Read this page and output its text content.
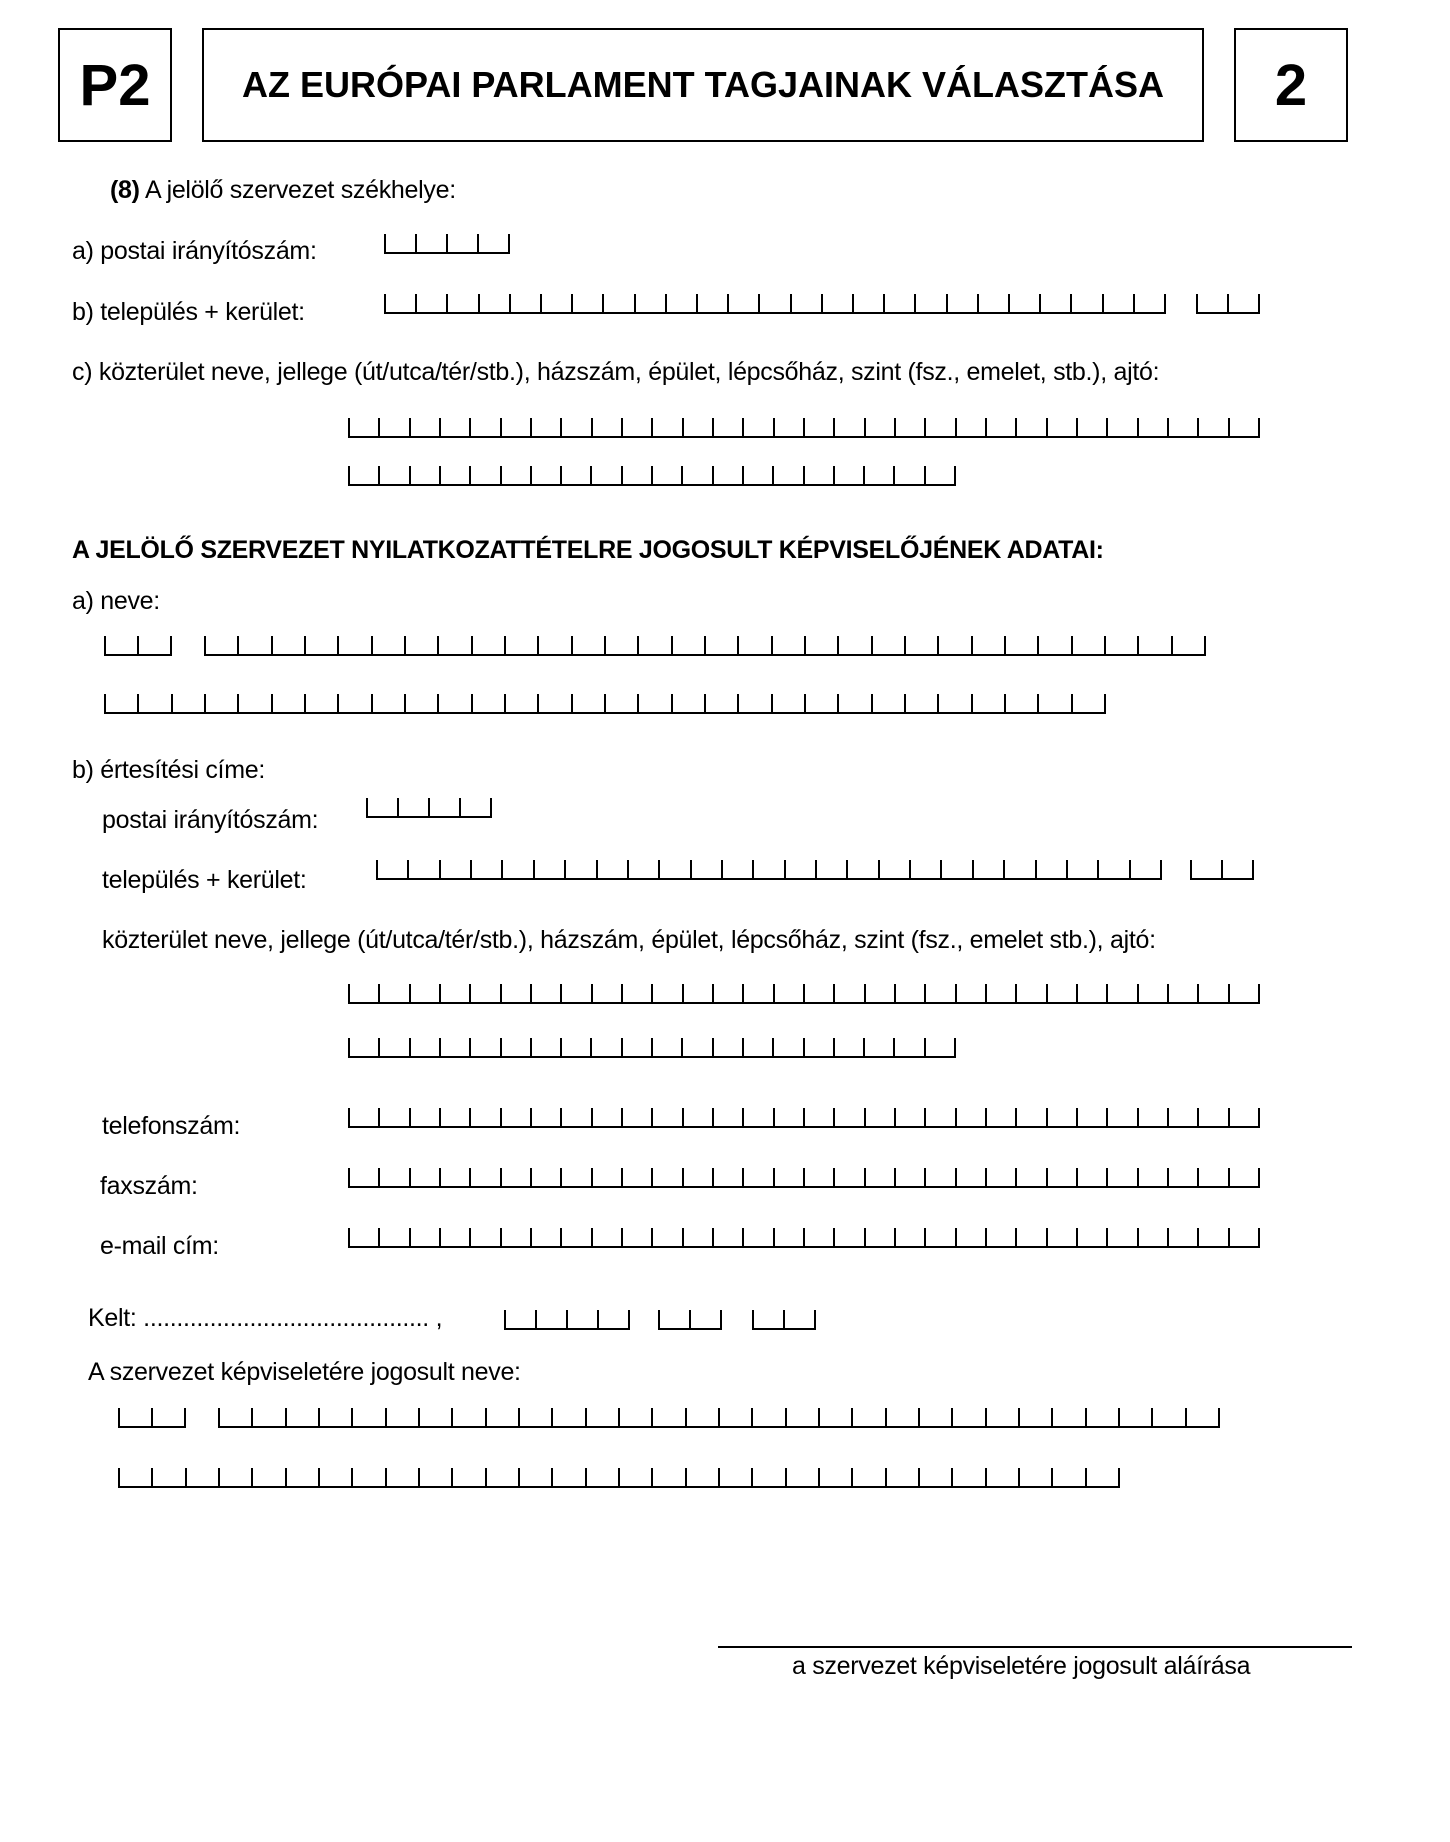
P2	AZ EURÓPAI PARLAMENT TAGJAINAK VÁLASZTÁSA 2
(8) A jelölő szervezet székhelye:
a) postai irányítószám:
b) település + kerület:
c) közterület neve, jellege (út/utca/tér/stb.), házszám, épület, lépcsőház, szint (fsz., emelet, stb.), ajtó:
A JELÖLŐ SZERVEZET NYILATKOZATTÉTELRE JOGOSULT KÉPVISELŐJÉNEK ADATAI:
a) neve:
b) értesítési címe:
postai irányítószám:
település + kerület:
közterület neve, jellege (út/utca/tér/stb.), házszám, épület, lépcsőház, szint (fsz., emelet stb.), ajtó:
telefonszám:
faxszám:
e-mail cím:
Kelt: ........................................... ,
A szervezet képviseletére jogosult neve:
a szervezet képviseletére jogosult aláírása
